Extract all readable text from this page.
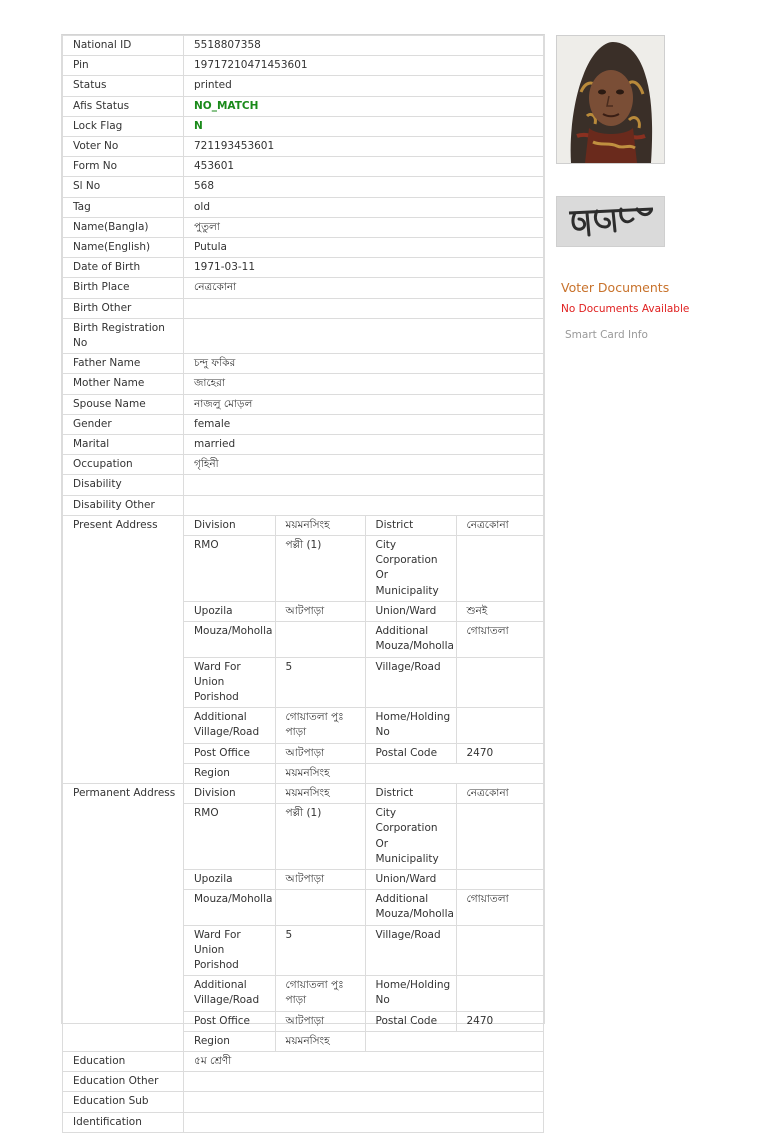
National ID	5518807358
Pin	19717210471453601
Status	printed
Afis Status	NO_MATCH
Lock Flag	N
Voter No	721193453601
Form No	453601
Sl No	568
Tag	old
Name(Bangla)	পুতুলা
Name(English)	Putula
Date of Birth	1971-03-11
Birth Place	নেত্রকোনা
Birth Other	
Birth Registration No	
Father Name	চন্দু ফকির
Mother Name	জাহেরা
Spouse Name	নাজলু মোড়ল
Gender	female
Marital	married
Occupation	গৃহিনী
Disability	
Disability Other	
Present Address		Division	ময়মনসিংহ	District	নেত্রকোনা
RMO	পল্লী (1)	City Corporation Or Municipality	
Upozila	আটপাড়া	Union/Ward	শুনই
Mouza/Moholla		Additional Mouza/Moholla	গোয়াতলা
Ward For Union Porishod	5	Village/Road	
Additional Village/Road	গোয়াতলা পুঃ পাড়া	Home/Holding No	
Post Office	আটপাড়া	Postal Code	2470
Region	ময়মনসিংহ	

Permanent Address	Division	ময়মনসিংহ	District	নেত্রকোনা
RMO	পল্লী (1)	City Corporation Or Municipality	
Upozila	আটপাড়া	Union/Ward	
Mouza/Moholla		Additional Mouza/Moholla	গোয়াতলা
Ward For Union Porishod	5	Village/Road	
Additional Village/Road	গোয়াতলা পুঃ পাড়া	Home/Holding No	
Post Office	আটপাড়া	Postal Code	2470
Region	ময়মনসিংহ	

Education	৫ম শ্রেণী
Education Other	
Education Sub	
Identification	
Voter Documents
No Documents Available
Smart Card Info
